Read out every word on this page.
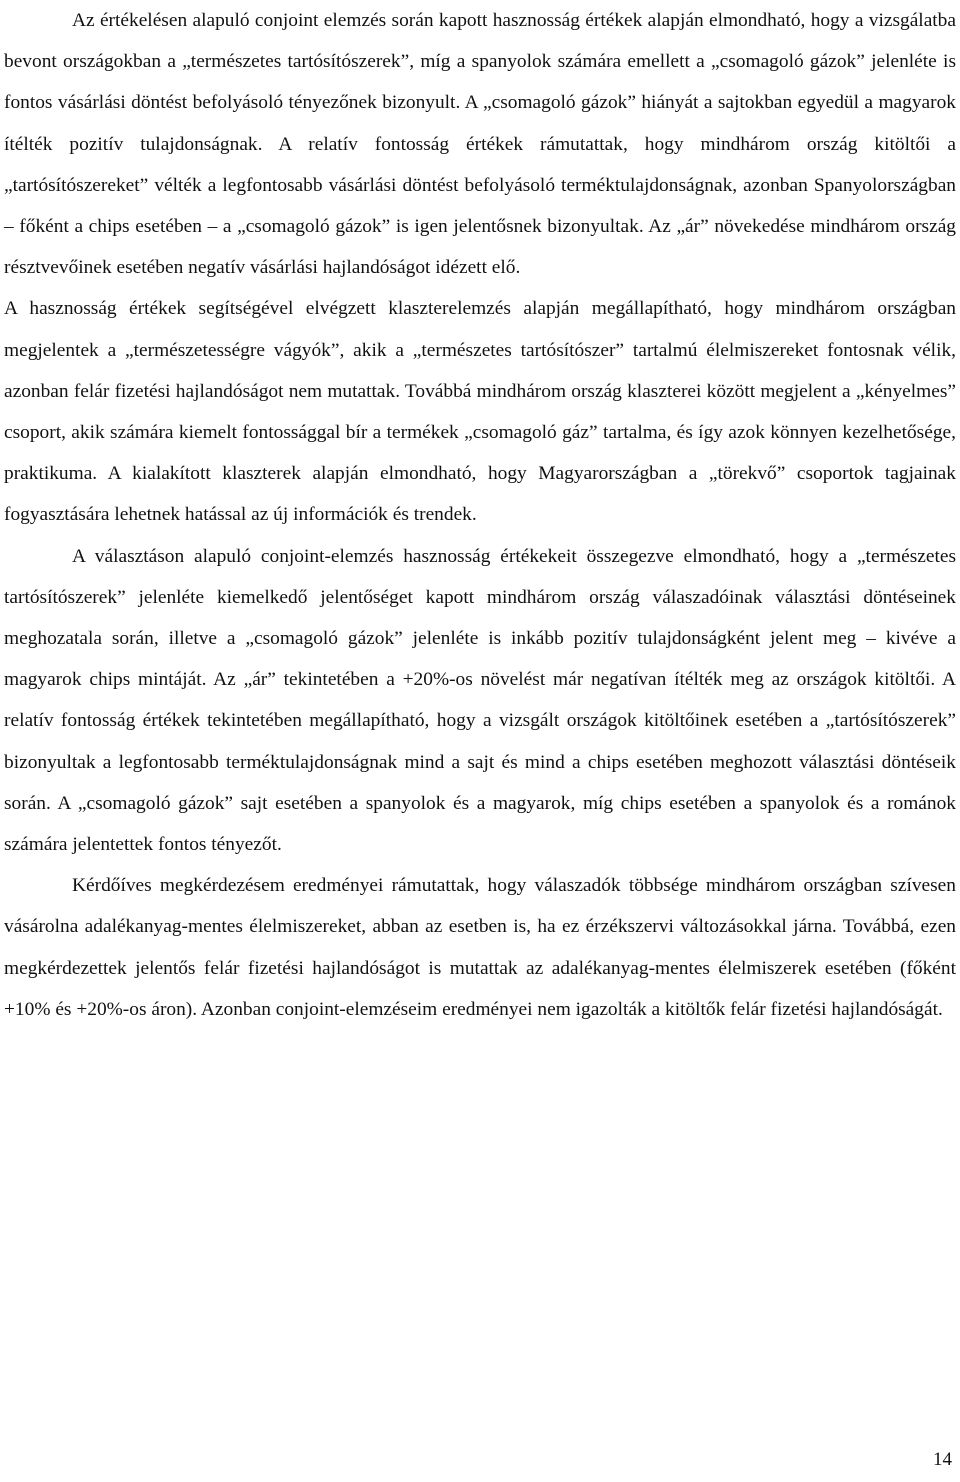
Az értékelésen alapuló conjoint elemzés során kapott hasznosság értékek alapján elmondható, hogy a vizsgálatba bevont országokban a „természetes tartósítószerek”, míg a spanyolok számára emellett a „csomagoló gázok” jelenléte is fontos vásárlási döntést befolyásoló tényezőnek bizonyult. A „csomagoló gázok” hiányát a sajtokban egyedül a magyarok ítélték pozitív tulajdonságnak. A relatív fontosság értékek rámutattak, hogy mindhárom ország kitöltői a „tartósítószereket” vélték a legfontosabb vásárlási döntést befolyásoló terméktulajdonságnak, azonban Spanyolországban – főként a chips esetében – a „csomagoló gázok” is igen jelentősnek bizonyultak. Az „ár” növekedése mindhárom ország résztvevőinek esetében negatív vásárlási hajlandóságot idézett elő.

A hasznosság értékek segítségével elvégzett klaszterelemzés alapján megállapítható, hogy mindhárom országban megjelentek a „természetességre vágyók”, akik a „természetes tartósítószer” tartalmú élelmiszereket fontosnak vélik, azonban felár fizetési hajlandóságot nem mutattak. Továbbá mindhárom ország klaszterei között megjelent a „kényelmes” csoport, akik számára kiemelt fontossággal bír a termékek „csomagoló gáz” tartalma, és így azok könnyen kezelhetősége, praktikuma. A kialakított klaszterek alapján elmondható, hogy Magyarországban a „törekvő” csoportok tagjainak fogyasztására lehetnek hatással az új információk és trendek.

A választáson alapuló conjoint-elemzés hasznosság értékekeit összegezve elmondható, hogy a „természetes tartósítószerek” jelenléte kiemelkedő jelentőséget kapott mindhárom ország válaszadóinak választási döntéseinek meghozatala során, illetve a „csomagoló gázok” jelenléte is inkább pozitív tulajdonságként jelent meg – kivéve a magyarok chips mintáját. Az „ár” tekintetében a +20%-os növelést már negatívan ítélték meg az országok kitöltői. A relatív fontosság értékek tekintetében megállapítható, hogy a vizsgált országok kitöltőinek esetében a „tartósítószerek” bizonyultak a legfontosabb terméktulajdonságnak mind a sajt és mind a chips esetében meghozott választási döntéseik során. A „csomagoló gázok” sajt esetében a spanyolok és a magyarok, míg chips esetében a spanyolok és a románok számára jelentettek fontos tényezőt.

Kérdőíves megkérdezésem eredményei rámutattak, hogy válaszadók többsége mindhárom országban szívesen vásárolna adalékanyag-mentes élelmiszereket, abban az esetben is, ha ez érzékszervi változásokkal járna. Továbbá, ezen megkérdezettek jelentős felár fizetési hajlandóságot is mutattak az adalékanyag-mentes élelmiszerek esetében (főként +10% és +20%-os áron). Azonban conjoint-elemzéseim eredményei nem igazolták a kitöltők felár fizetési hajlandóságát.

14
